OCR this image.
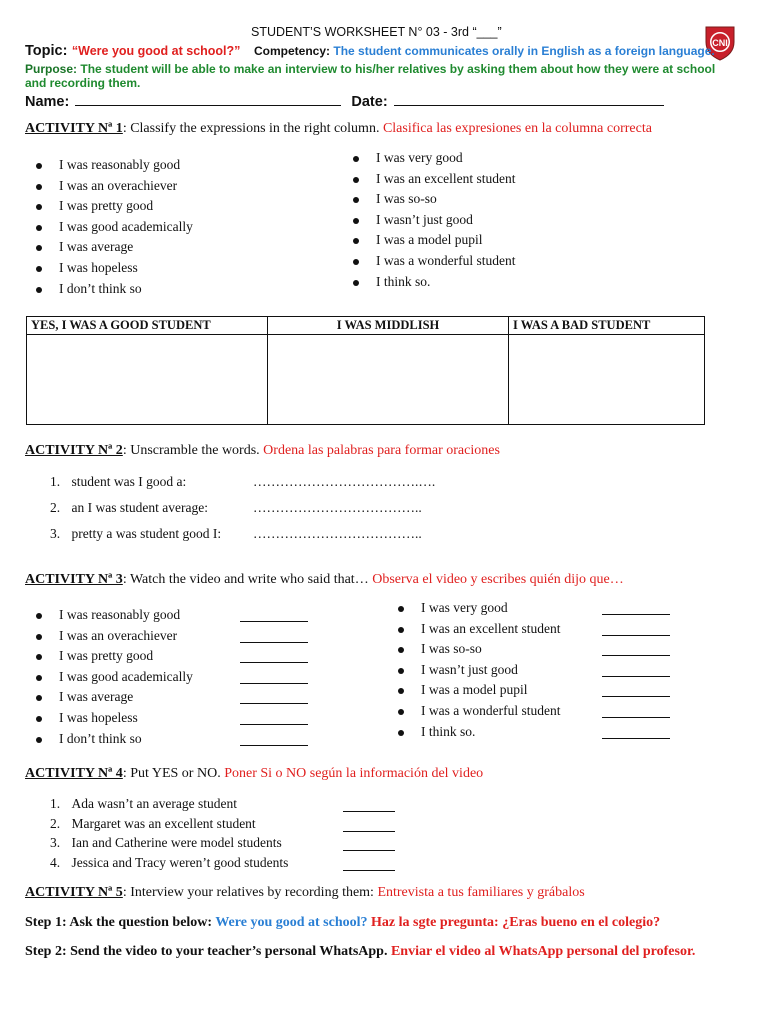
STUDENT’S WORKSHEET N° 03 - 3rd “___”
CNI
Topic: “Were you good at school?” Competency: The student communicates orally in English as a foreign language.
Purpose: The student will be able to make an interview to his/her relatives by asking them about how they were at school
and recording them.
Name:	Date:
ACTIVITY Nª 1: Classify the expressions in the right column. Clasifica las expresiones en la columna correcta
I was reasonably good
I was an overachiever
I was pretty good
I was good academically
I was average
I was hopeless
I don’t think so
I was very good
I was an excellent student
I was so-so
I wasn’t just good
I was a model pupil
I was a wonderful student
I think so.
YES, I WAS A GOOD STUDENT	I WAS MIDDLISH	I WAS A BAD STUDENT

ACTIVITY Nª 2: Unscramble the words. Ordena las palabras para formar oraciones
1. student was I good a:	……………………………….….
2. an I was student average:	………………………………..
3. pretty a was student good I: ………………………………..
ACTIVITY Nª 3: Watch the video and write who said that… Observa el video y escribes quién dijo que…
I was reasonably good
I was an overachiever
I was pretty good
I was good academically
I was average
I was hopeless
I don’t think so
I was very good
I was an excellent student
I was so-so
I wasn’t just good
I was a model pupil
I was a wonderful student
I think so.
ACTIVITY Nª 4: Put YES or NO. Poner Si o NO según la información del video
1. Ada wasn’t an average student
2. Margaret was an excellent student
3. Ian and Catherine were model students
4. Jessica and Tracy weren’t good students
ACTIVITY Nª 5: Interview your relatives by recording them: Entrevista a tus familiares y grábalos
Step 1: Ask the question below: Were you good at school? Haz la sgte pregunta: ¿Eras bueno en el colegio?
Step 2: Send the video to your teacher’s personal WhatsApp. Enviar el video al WhatsApp personal del profesor.
